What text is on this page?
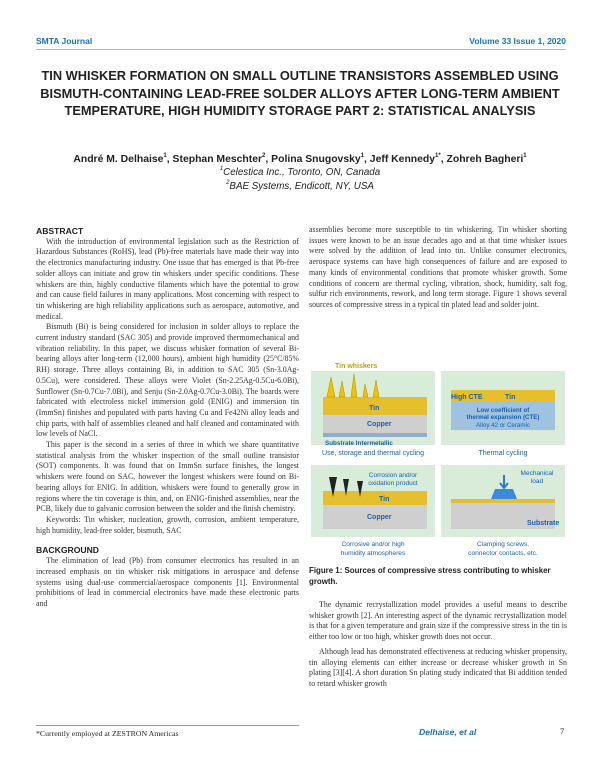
SMTA Journal	Volume 33 Issue 1, 2020
TIN WHISKER FORMATION ON SMALL OUTLINE TRANSISTORS ASSEMBLED USING BISMUTH-CONTAINING LEAD-FREE SOLDER ALLOYS AFTER LONG-TERM AMBIENT TEMPERATURE, HIGH HUMIDITY STORAGE PART 2: STATISTICAL ANALYSIS
André M. Delhaise$^1$, Stephan Meschter$^2$, Polina Snugovsky$^1$, Jeff Kennedy$^{1*}$, Zohreh Bagheri$^1$
$^1$Celestica Inc., Toronto, ON, Canada
$^2$BAE Systems, Endicott, NY, USA
ABSTRACT

With the introduction of environmental legislation such as the Restriction of Hazardous Substances (RoHS), lead (Pb)-free materials have made their way into the electronics manufacturing industry. One issue that has emerged is that Pb-free solder alloys can initiate and grow tin whiskers under specific conditions. These whiskers are thin, highly conductive filaments which have the potential to grow and can cause field failures in many applications. Most concerning with respect to tin whiskering are high reliability applications such as aerospace, automotive, and medical.

Bismuth (Bi) is being considered for inclusion in solder alloys to replace the current industry standard (SAC 305) and provide improved thermomechanical and vibration reliability. In this paper, we discuss whisker formation of several Bi-bearing alloys after long-term (12,000 hours), ambient high humidity (25°C/85% RH) storage. Three alloys containing Bi, in addition to SAC 305 (Sn-3.0Ag-0.5Cu), were considered. These alloys were Violet (Sn-2.25Ag-0.5Cu-6.0Bi), Sunflower (Sn-0.7Cu-7.0Bi), and Senju (Sn-2.0Ag-0.7Cu-3.0Bi). The boards were fabricated with electroless nickel immersion gold (ENIG) and immersion tin (ImmSn) finishes and populated with parts having Cu and Fe42Ni alloy leads and chip parts, with half of assemblies cleaned and half cleaned and contaminated with low levels of NaCl.

This paper is the second in a series of three in which we share quantitative statistical analysis from the whisker inspection of the small outline transistor (SOT) components. It was found that on ImmSn surface finishes, the longest whiskers were found on SAC, however the longest whiskers were found on Bi-bearing alloys for ENIG. In addition, whiskers were found to generally grow in regions where the tin coverage is thin, and, on ENIG-finished assemblies, near the PCB, likely due to galvanic corrosion between the solder and the finish chemistry.

Keywords: Tin whisker, nucleation, growth, corrosion, ambient temperature, high humidity, lead-free solder, bismuth, SAC

BACKGROUND

The elimination of lead (Pb) from consumer electronics has resulted in an increased emphasis on tin whisker risk mitigations in aerospace and defense systems using dual-use commercial/aerospace components [1]. Environmental prohibitions of lead in commercial electronics have made these electronic parts and

assemblies become more susceptible to tin whiskering. Tin whisker shorting issues were known to be an issue decades ago and at that time whisker issues were solved by the addition of lead into tin. Unlike consumer electronics, aerospace systems can have high consequences of failure and are exposed to many kinds of environmental conditions that promote whisker growth. Some conditions of concern are thermal cycling, vibration, shock, humidity, salt fog, sulfur rich environments, rework, and long term storage. Figure 1 shows several sources of compressive stress in a typical tin plated lead and solder joint.

Tin whiskers
Tin
Copper
Substrate Intermetallic
Use, storage and thermal cycling
High CTE	Tin
Low coefficient of
thermal expansion (CTE)
Alloy 42 or Ceramic
Thermal cycling
Corrosion and/or
oxidation product
Tin
Copper
Corrosive and/or high
humidity atmospheres
Mechanical
load
Substrate
Clamping screws,
connector contacts, etc.
Figure 1: Sources of compressive stress contributing to whisker growth.

The dynamic recrystallization model provides a useful means to describe whisker growth [2]. An interesting aspect of the dynamic recrystallization model is that for a given temperature and grain size if the compressive stress in the tin is either too low or too high, whisker growth does not occur.

Although lead has demonstrated effectiveness at reducing whisker propensity, tin alloying elements can either increase or decrease whisker growth in Sn plating [3][4]. A short duration Sn plating study indicated that Bi addition tended to retard whisker growth

*Currently employed at ZESTRON Americas	Delhaise, et al	7
